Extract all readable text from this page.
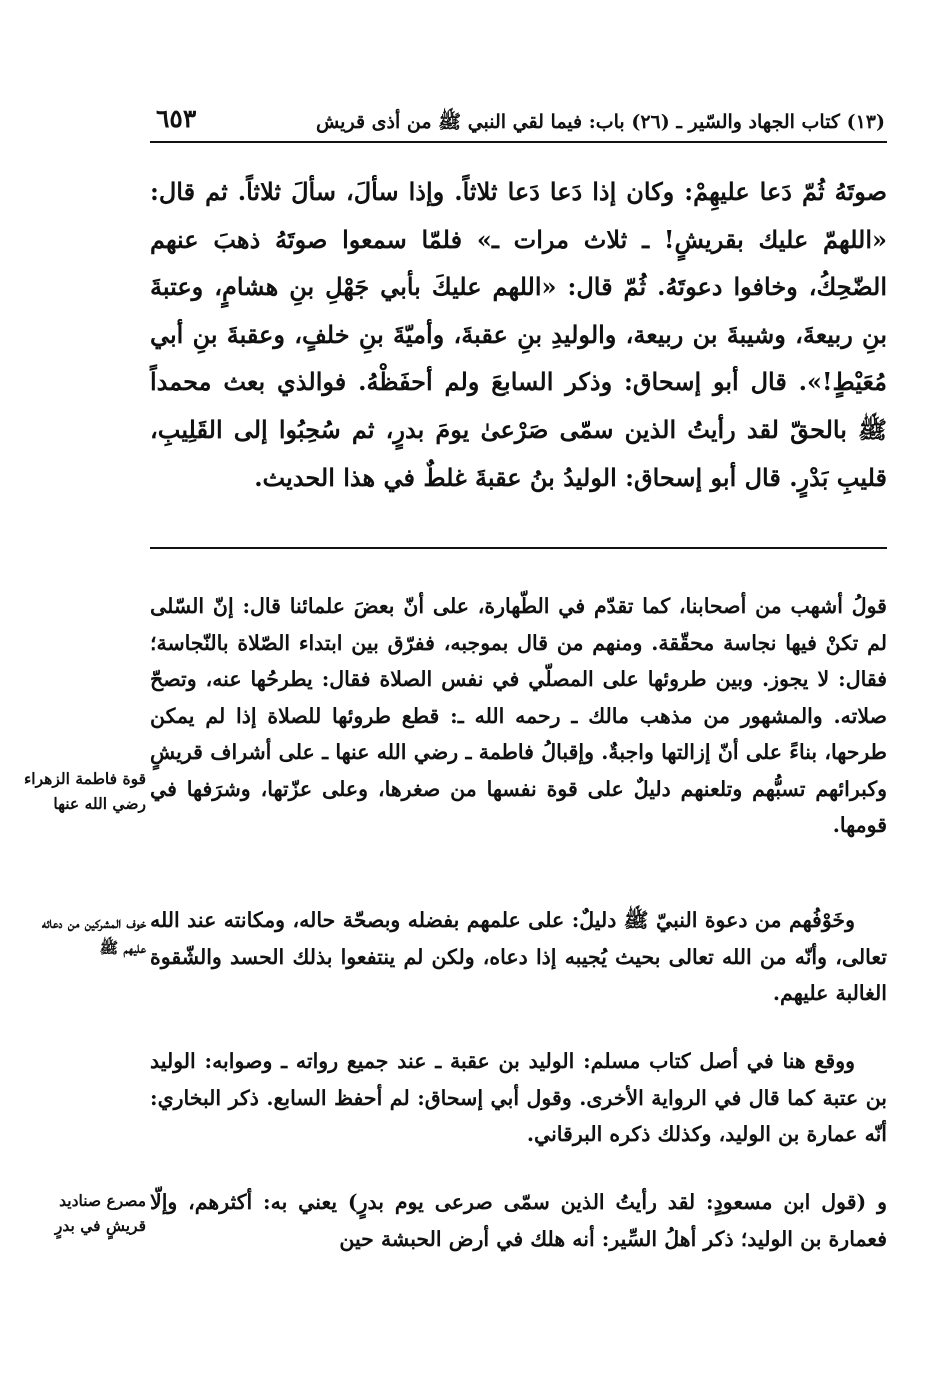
(١٣) كتاب الجهاد والسّير ـ (٢٦) باب: فيما لقي النبي ﷺ من أذى قريش
٦٥٣

صوتَهُ ثُمّ دَعا عليهِمْ: وكان إذا دَعا دَعا ثلاثاً. وإذا سألَ، سألَ ثلاثاً. ثم قال: «اللهمّ عليك بقريشٍ! ـ ثلاث مرات ـ» فلمّا سمعوا صوتَهُ ذهبَ عنهم الضّحِكُ، وخافوا دعوتَهُ. ثُمّ قال: «اللهم عليكَ بأبي جَهْلِ بنِ هشامٍ، وعتبةَ بنِ ربيعةَ، وشيبةَ بن ربيعة، والوليدِ بنِ عقبةَ، وأميّةَ بنِ خلفٍ، وعقبةَ بنِ أبي مُعَيْطٍ!». قال أبو إسحاق: وذكر السابعَ ولم أحفَظْهُ. فوالذي بعث محمداً ﷺ بالحقّ لقد رأيتُ الذين سمّى صَرْعىٰ يومَ بدرٍ، ثم سُحِبُوا إلى القَلِيبِ، قليبِ بَدْرٍ. قال أبو إسحاق: الوليدُ بنُ عقبةَ غلطٌ في هذا الحديث.

قولُ أشهب من أصحابنا، كما تقدّم في الطّهارة، على أنّ بعضَ علمائنا قال: إنّ السّلى لم تكنْ فيها نجاسة محقّقة. ومنهم من قال بموجبه، ففرّق بين ابتداء الصّلاة بالنّجاسة؛ فقال: لا يجوز. وبين طروئها على المصلّي في نفس الصلاة فقال: يطرحُها عنه، وتصحّ صلاته. والمشهور من مذهب مالك ـ رحمه الله ـ: قطع طروئها للصلاة إذا لم يمكن طرحها، بناءً على أنّ إزالتها واجبةٌ. وإقبالُ فاطمة ـ رضي الله عنها ـ على أشراف قريشٍ وكبرائهم تسبُّهم وتلعنهم دليلٌ على قوة نفسها من صغرها، وعلى عزّتها، وشرَفها في قومها.

وخَوْفُهم من دعوة النبيّ ﷺ دليلٌ: على علمهم بفضله وبصحّة حاله، ومكانته عند الله تعالى، وأنّه من الله تعالى بحيث يُجيبه إذا دعاه، ولكن لم ينتفعوا بذلك الحسد والشّقوة الغالبة عليهم.

ووقع هنا في أصل كتاب مسلم: الوليد بن عقبة ـ عند جميع رواته ـ وصوابه: الوليد بن عتبة كما قال في الرواية الأخرى. وقول أبي إسحاق: لم أحفظ السابع. ذكر البخاري: أنّه عمارة بن الوليد، وكذلك ذكره البرقاني.

و (قول ابن مسعودٍ: لقد رأيتُ الذين سمّى صرعى يوم بدرٍ) يعني به: أكثرهم، وإلّا فعمارة بن الوليد؛ ذكر أهلُ السِّير: أنه هلك في أرض الحبشة حين

قوة فاطمة الزهراء رضي الله عنها
خوف المشركين من دعائه عليهم ﷺ
مصرع صناديد قريشٍ في بدرٍ
